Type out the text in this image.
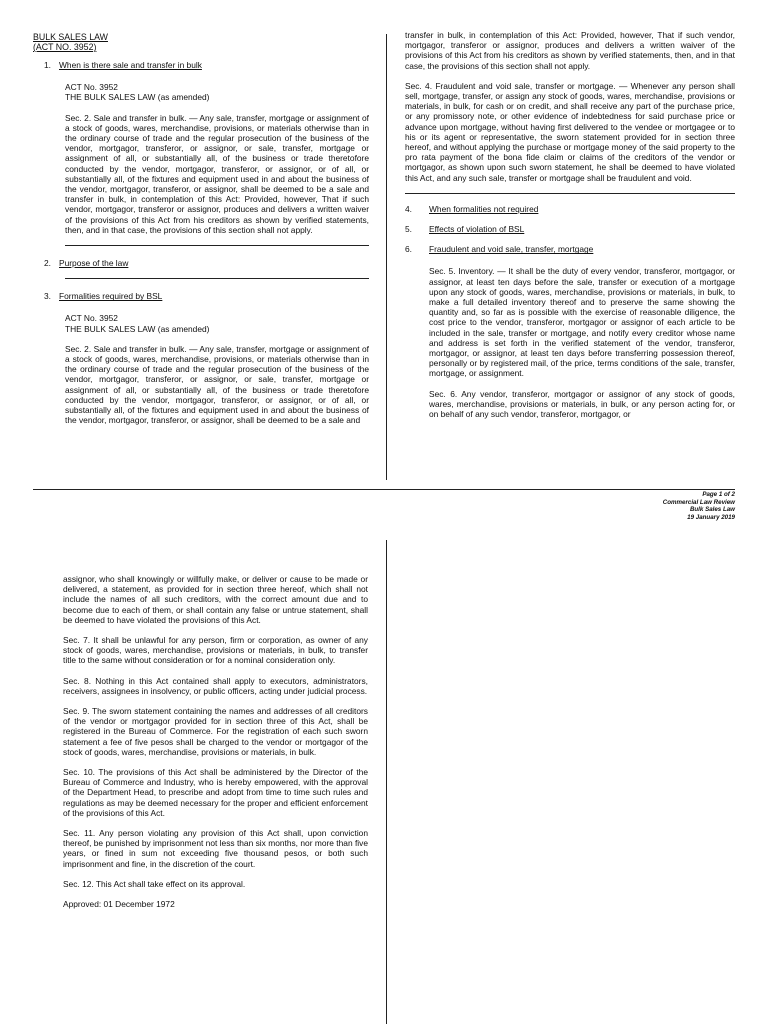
BULK SALES LAW

(ACT NO. 3952)

1. When is there sale and transfer in bulk

ACT No. 3952

THE BULK SALES LAW (as amended)

Sec. 2. Sale and transfer in bulk. — Any sale, transfer, mortgage or assignment of a stock of goods, wares, merchandise, provisions, or materials otherwise than in the ordinary course of trade and the regular prosecution of the business of the vendor, mortgagor, transferor, or assignor, or sale, transfer, mortgage or assignment of all, or substantially all, of the business or trade theretofore conducted by the vendor, mortgagor, transferor, or assignor, or of all, or substantially all, of the fixtures and equipment used in and about the business of the vendor, mortgagor, transferor, or assignor, shall be deemed to be a sale and transfer in bulk, in contemplation of this Act: Provided, however, That if such vendor, mortgagor, transferor or assignor, produces and delivers a written waiver of the provisions of this Act from his creditors as shown by verified statements, then, and in that case, the provisions of this section shall not apply.

2. Purpose of the law
3. Formalities required by BSL

ACT No. 3952

THE BULK SALES LAW (as amended)

Sec. 2. Sale and transfer in bulk. — Any sale, transfer, mortgage or assignment of a stock of goods, wares, merchandise, provisions, or materials otherwise than in the ordinary course of trade and the regular prosecution of the business of the vendor, mortgagor, transferor, or assignor, or sale, transfer, mortgage or assignment of all, or substantially all, of the business or trade theretofore conducted by the vendor, mortgagor, transferor, or assignor, or of all, or substantially all, of the fixtures and equipment used in and about the business of the vendor, mortgagor, transferor, or assignor, shall be deemed to be a sale and

transfer in bulk, in contemplation of this Act: Provided, however, That if such vendor, mortgagor, transferor or assignor, produces and delivers a written waiver of the provisions of this Act from his creditors as shown by verified statements, then, and in that case, the provisions of this section shall not apply.

Sec. 4. Fraudulent and void sale, transfer or mortgage. — Whenever any person shall sell, mortgage, transfer, or assign any stock of goods, wares, merchandise, provisions or materials, in bulk, for cash or on credit, and shall receive any part of the purchase price, or any promissory note, or other evidence of indebtedness for said purchase price or advance upon mortgage, without having first delivered to the vendee or mortgagee or to his or its agent or representative, the sworn statement provided for in section three hereof, and without applying the purchase or mortgage money of the said property to the pro rata payment of the bona fide claim or claims of the creditors of the vendor or mortgagor, as shown upon such sworn statement, he shall be deemed to have violated this Act, and any such sale, transfer or mortgage shall be fraudulent and void.

4.	When formalities not required
5.	Effects of violation of BSL
6.	Fraudulent and void sale, transfer, mortgage

Sec. 5. Inventory. — It shall be the duty of every vendor, transferor, mortgagor, or assignor, at least ten days before the sale, transfer or execution of a mortgage upon any stock of goods, wares, merchandise, provisions or materials, in bulk, to make a full detailed inventory thereof and to preserve the same showing the quantity and, so far as is possible with the exercise of reasonable diligence, the cost price to the vendor, transferor, mortgagor or assignor of each article to be included in the sale, transfer or mortgage, and notify every creditor whose name and address is set forth in the verified statement of the vendor, transferor, mortgagor, or assignor, at least ten days before transferring possession thereof, personally or by registered mail, of the price, terms conditions of the sale, transfer, mortgage, or assignment.

Sec. 6. Any vendor, transferor, mortgagor or assignor of any stock of goods, wares, merchandise, provisions or materials, in bulk, or any person acting for, or on behalf of any such vendor, transferor, mortgagor, or

Page 1 of 2
Commercial Law Review
Bulk Sales Law
19 January 2019

assignor, who shall knowingly or willfully make, or deliver or cause to be made or delivered, a statement, as provided for in section three hereof, which shall not include the names of all such creditors, with the correct amount due and to become due to each of them, or shall contain any false or untrue statement, shall be deemed to have violated the provisions of this Act.

Sec. 7. It shall be unlawful for any person, firm or corporation, as owner of any stock of goods, wares, merchandise, provisions or materials, in bulk, to transfer title to the same without consideration or for a nominal consideration only.

Sec. 8. Nothing in this Act contained shall apply to executors, administrators, receivers, assignees in insolvency, or public officers, acting under judicial process.

Sec. 9. The sworn statement containing the names and addresses of all creditors of the vendor or mortgagor provided for in section three of this Act, shall be registered in the Bureau of Commerce. For the registration of each such sworn statement a fee of five pesos shall be charged to the vendor or mortgagor of the stock of goods, wares, merchandise, provisions or materials, in bulk.

Sec. 10. The provisions of this Act shall be administered by the Director of the Bureau of Commerce and Industry, who is hereby empowered, with the approval of the Department Head, to prescribe and adopt from time to time such rules and regulations as may be deemed necessary for the proper and efficient enforcement of the provisions of this Act.

Sec. 11. Any person violating any provision of this Act shall, upon conviction thereof, be punished by imprisonment not less than six months, nor more than five years, or fined in sum not exceeding five thousand pesos, or both such imprisonment and fine, in the discretion of the court.

Sec. 12. This Act shall take effect on its approval.

Approved: 01 December 1972
